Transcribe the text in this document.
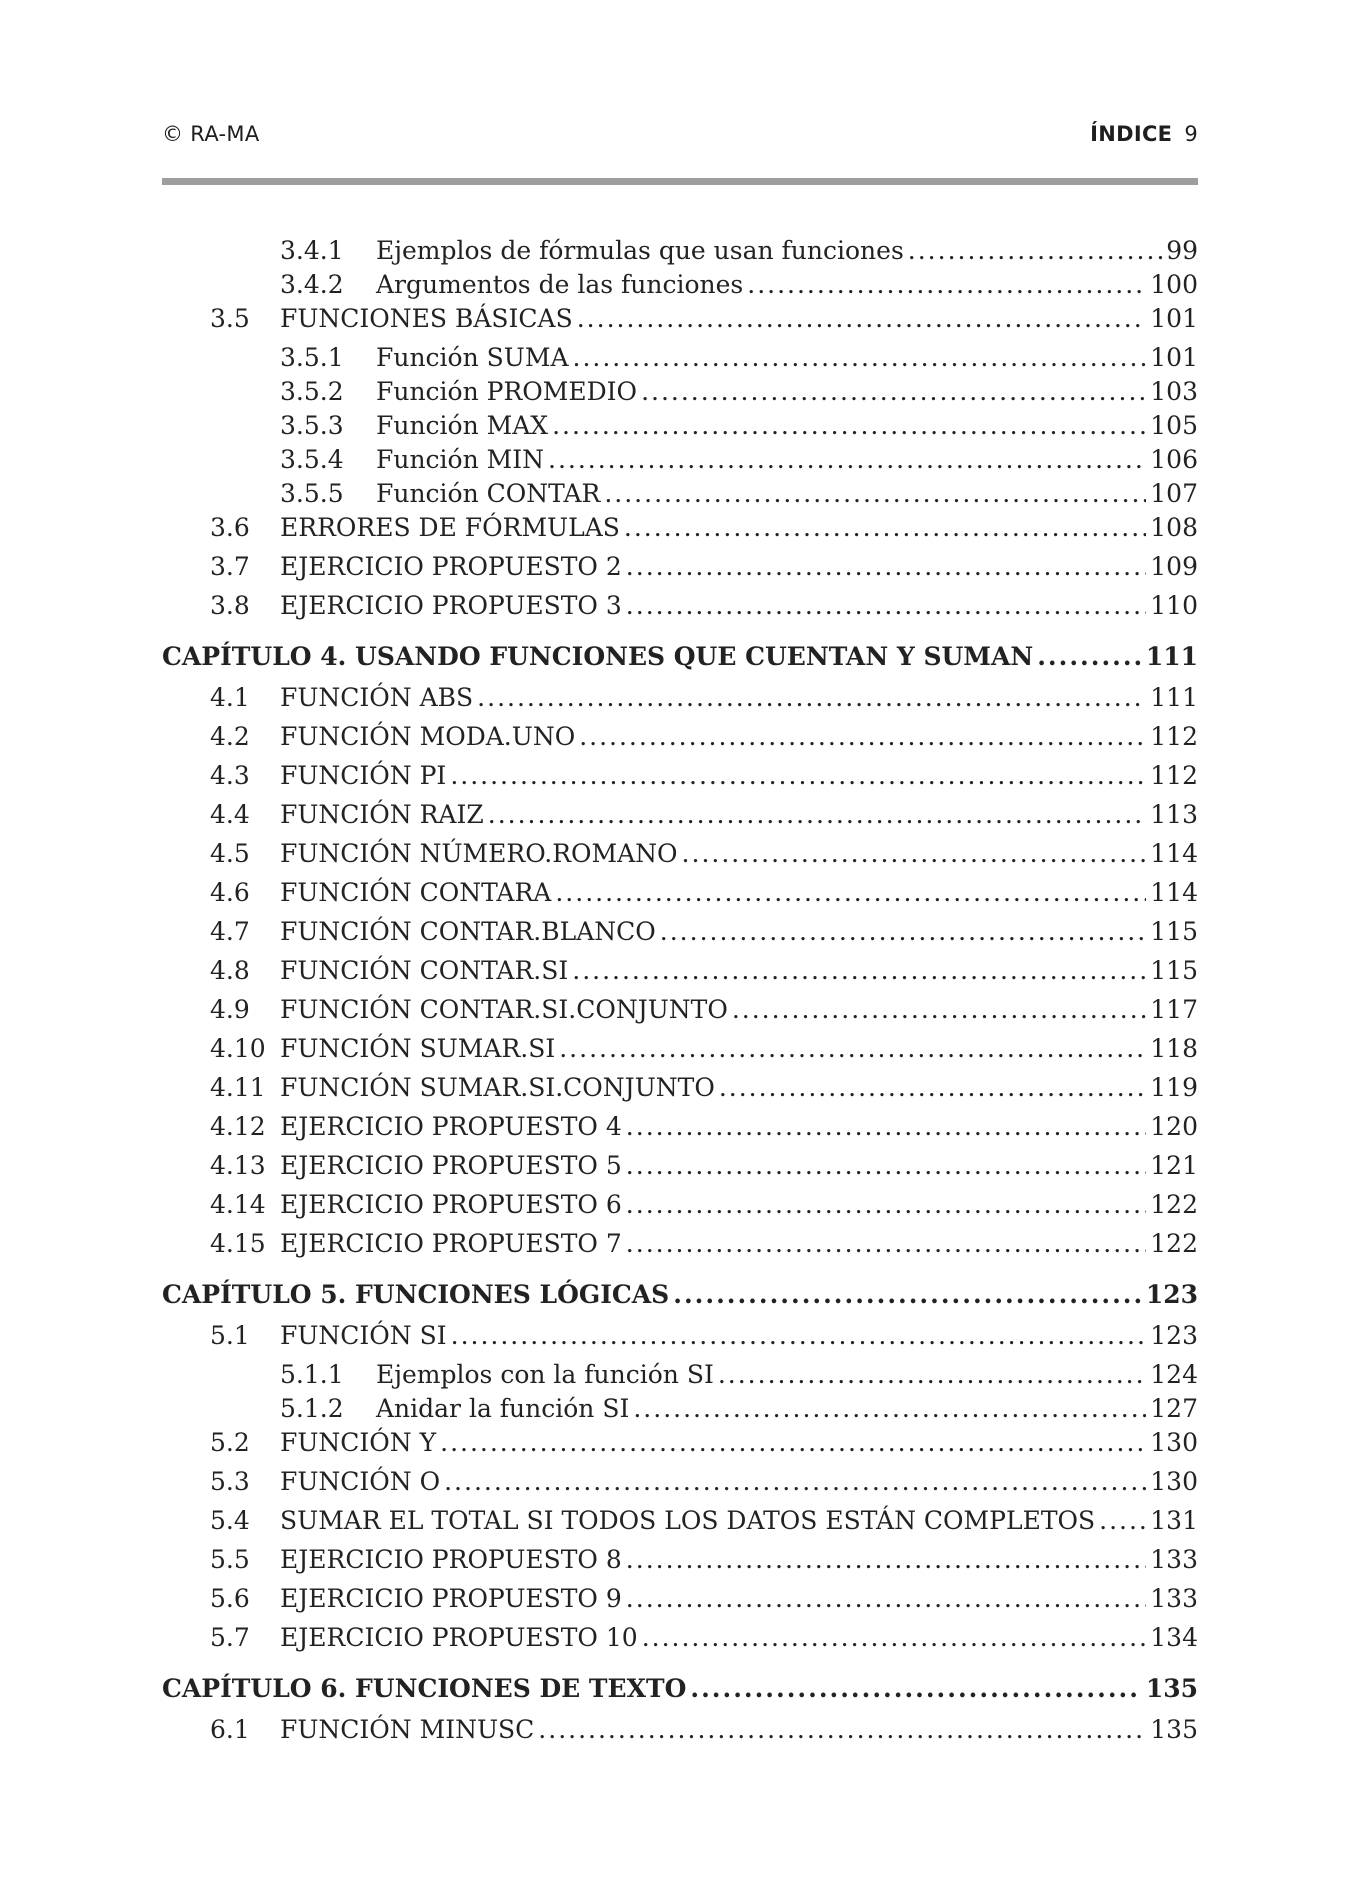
© RA-MA	ÍNDICE 9
3.4.1	Ejemplos de fórmulas que usan funciones .....	99
3.4.2	Argumentos de las funciones .....	100
3.5	FUNCIONES BÁSICAS .....	101
3.5.1	Función SUMA .....	101
3.5.2	Función PROMEDIO .....	103
3.5.3	Función MAX .....	105
3.5.4	Función MIN .....	106
3.5.5	Función CONTAR .....	107
3.6	ERRORES DE FÓRMULAS .....	108
3.7	EJERCICIO PROPUESTO 2 .....	109
3.8	EJERCICIO PROPUESTO 3 .....	110
CAPÍTULO 4. USANDO FUNCIONES QUE CUENTAN Y SUMAN .....	111
4.1	FUNCIÓN ABS .....	111
4.2	FUNCIÓN MODA.UNO .....	112
4.3	FUNCIÓN PI .....	112
4.4	FUNCIÓN RAIZ .....	113
4.5	FUNCIÓN NÚMERO.ROMANO .....	114
4.6	FUNCIÓN CONTARA .....	114
4.7	FUNCIÓN CONTAR.BLANCO .....	115
4.8	FUNCIÓN CONTAR.SI .....	115
4.9	FUNCIÓN CONTAR.SI.CONJUNTO .....	117
4.10 FUNCIÓN SUMAR.SI .....	118
4.11 FUNCIÓN SUMAR.SI.CONJUNTO .....	119
4.12 EJERCICIO PROPUESTO 4 .....	120
4.13 EJERCICIO PROPUESTO 5 .....	121
4.14 EJERCICIO PROPUESTO 6 .....	122
4.15 EJERCICIO PROPUESTO 7 .....	122
CAPÍTULO 5. FUNCIONES LÓGICAS .....	123
5.1	FUNCIÓN SI .....	123
5.1.1	Ejemplos con la función SI .....	124
5.1.2	Anidar la función SI .....	127
5.2	FUNCIÓN Y .....	130
5.3	FUNCIÓN O .....	130
5.4	SUMAR EL TOTAL SI TODOS LOS DATOS ESTÁN COMPLETOS ..... 131
5.5	EJERCICIO PROPUESTO 8 .....	133
5.6	EJERCICIO PROPUESTO 9 .....	133
5.7	EJERCICIO PROPUESTO 10 .....	134
CAPÍTULO 6. FUNCIONES DE TEXTO .....	135
6.1	FUNCIÓN MINUSC .....	135
